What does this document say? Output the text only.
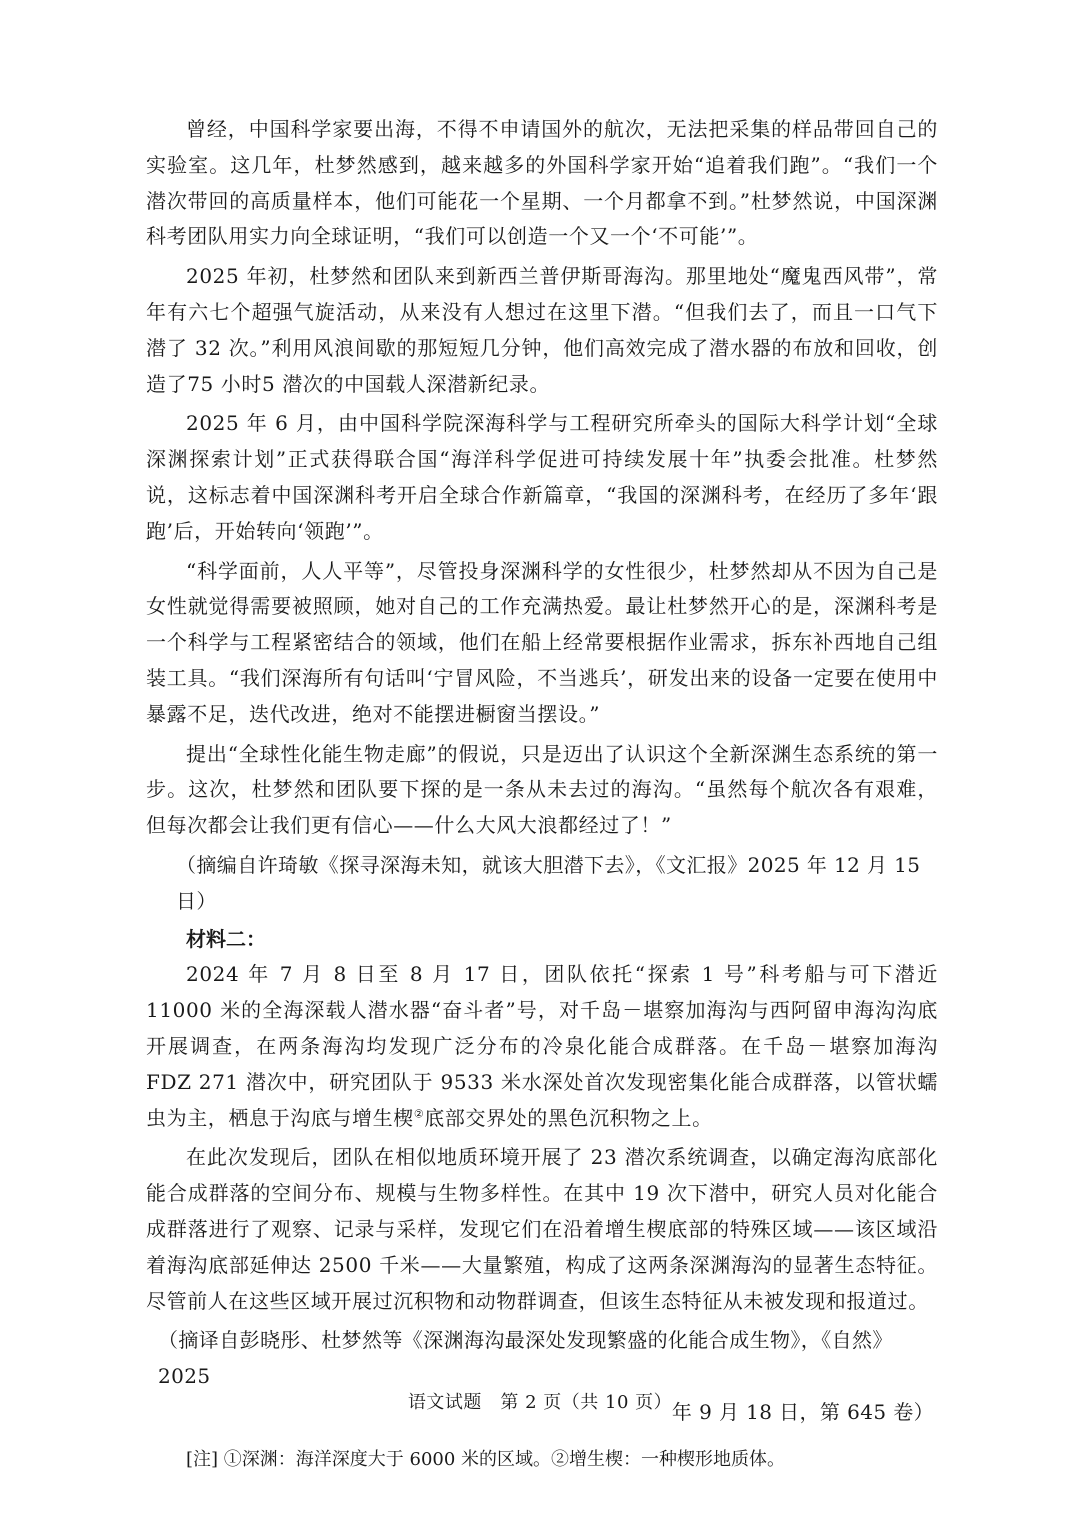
曾经，中国科学家要出海，不得不申请国外的航次，无法把采集的样品带回自己的实验室。这几年，杜梦然感到，越来越多的外国科学家开始“追着我们跑”。“我们一个潜次带回的高质量样本，他们可能花一个星期、一个月都拿不到。”杜梦然说，中国深渊科考团队用实力向全球证明，“我们可以创造一个又一个‘不可能’”。

2025 年初，杜梦然和团队来到新西兰普伊斯哥海沟。那里地处“魔鬼西风带”，常年有六七个超强气旋活动，从来没有人想过在这里下潜。“但我们去了，而且一口气下潜了 32 次。”利用风浪间歇的那短短几分钟，他们高效完成了潜水器的布放和回收，创造了75 小时5 潜次的中国载人深潜新纪录。

2025 年 6 月，由中国科学院深海科学与工程研究所牵头的国际大科学计划“全球深渊探索计划”正式获得联合国“海洋科学促进可持续发展十年”执委会批准。杜梦然说，这标志着中国深渊科考开启全球合作新篇章，“我国的深渊科考，在经历了多年‘跟跑’后，开始转向‘领跑’”。

“科学面前，人人平等”，尽管投身深渊科学的女性很少，杜梦然却从不因为自己是女性就觉得需要被照顾，她对自己的工作充满热爱。最让杜梦然开心的是，深渊科考是一个科学与工程紧密结合的领域，他们在船上经常要根据作业需求，拆东补西地自己组装工具。“我们深海所有句话叫‘宁冒风险，不当逃兵’，研发出来的设备一定要在使用中暴露不足，迭代改进，绝对不能摆进橱窗当摆设。”

提出“全球性化能生物走廊”的假说，只是迈出了认识这个全新深渊生态系统的第一步。这次，杜梦然和团队要下探的是一条从未去过的海沟。“虽然每个航次各有艰难，但每次都会让我们更有信心——什么大风大浪都经过了！”

（摘编自许琦敏《探寻深海未知，就该大胆潜下去》，《文汇报》2025 年 12 月 15 日）

材料二：

2024 年 7 月 8 日至 8 月 17 日，团队依托“探索 1 号”科考船与可下潜近 11000 米的全海深载人潜水器“奋斗者”号，对千岛－堪察加海沟与西阿留申海沟沟底开展调查，在两条海沟均发现广泛分布的冷泉化能合成群落。在千岛－堪察加海沟 FDZ 271 潜次中，研究团队于 9533 米水深处首次发现密集化能合成群落，以管状蠕虫为主，栖息于沟底与增生楔②底部交界处的黑色沉积物之上。

在此次发现后，团队在相似地质环境开展了 23 潜次系统调查，以确定海沟底部化能合成群落的空间分布、规模与生物多样性。在其中 19 次下潜中，研究人员对化能合成群落进行了观察、记录与采样，发现它们在沿着增生楔底部的特殊区域——该区域沿着海沟底部延伸达 2500 千米——大量繁殖，构成了这两条深渊海沟的显著生态特征。尽管前人在这些区域开展过沉积物和动物群调查，但该生态特征从未被发现和报道过。

（摘译自彭晓彤、杜梦然等《深渊海沟最深处发现繁盛的化能合成生物》，《自然》2025
年 9 月 18 日，第 645 卷）

[注] ①深渊：海洋深度大于 6000 米的区域。②增生楔：一种楔形地质体。

语文试题　第 2 页（共 10 页）
